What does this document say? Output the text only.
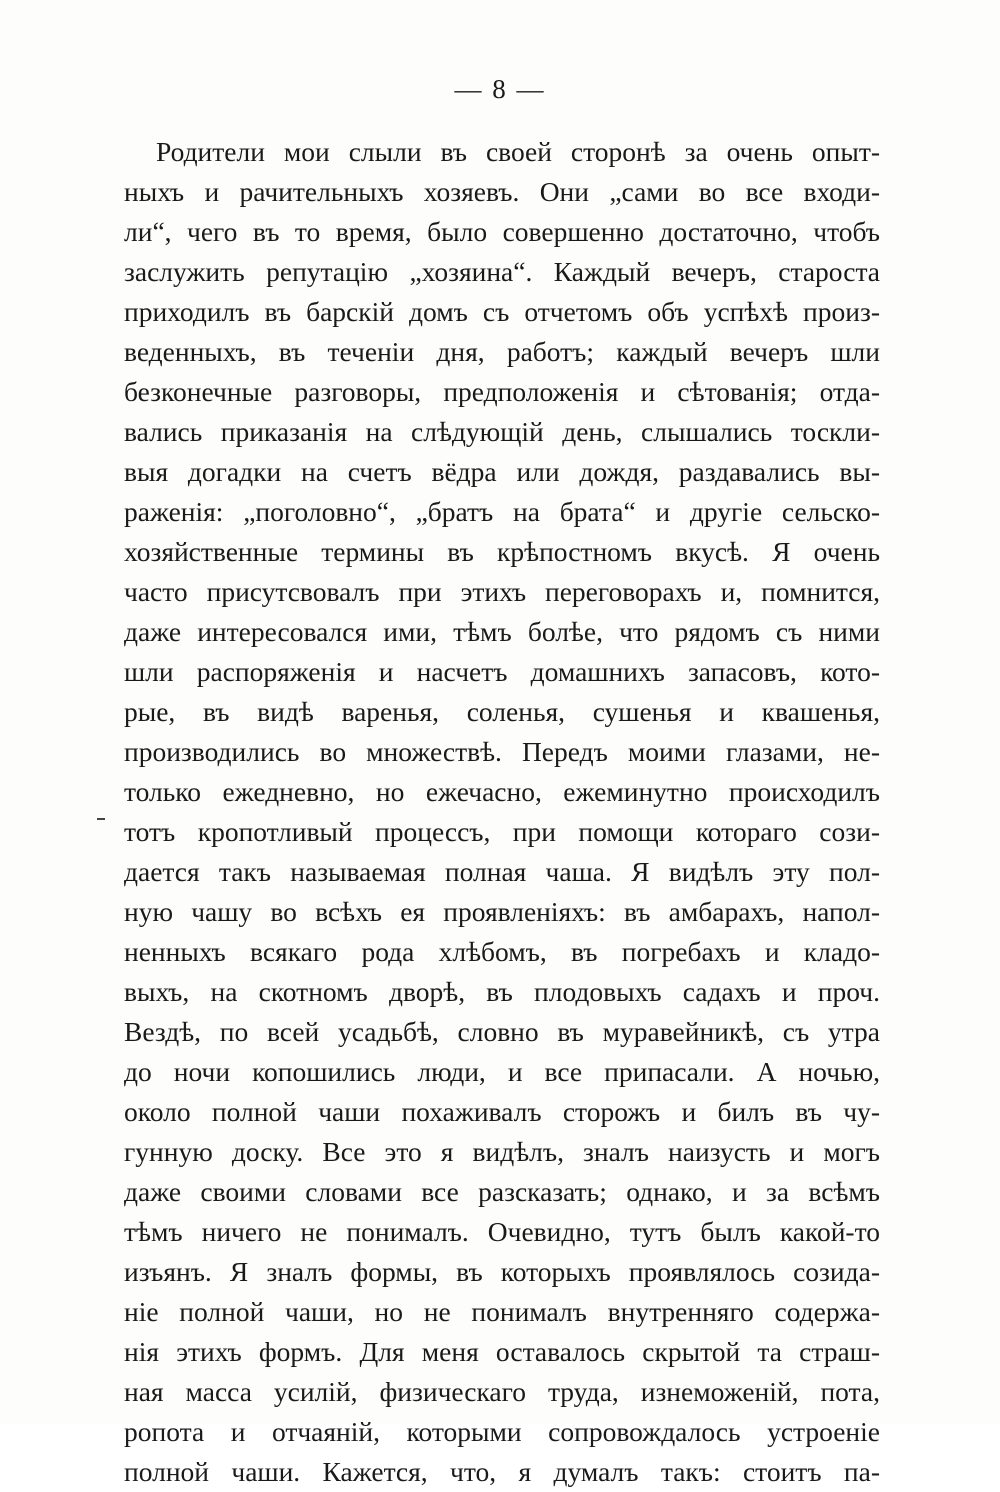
— 8 —
Родители мои слыли въ своей сторонѣ за очень опыт-
ныхъ и рачительныхъ хозяевъ. Они „сами во все входи-
ли“, чего въ то время, было совершенно достаточно, чтобъ
заслужить репутацію „хозяина“. Каждый вечеръ, староста
приходилъ въ барскій домъ съ отчетомъ объ успѣхѣ произ-
веденныхъ, въ теченіи дня, работъ; каждый вечеръ шли
безконечные разговоры, предположенія и сѣтованія; отда-
вались приказанія на слѣдующій день, слышались тоскли-
выя догадки на счетъ вёдра или дождя, раздавались вы-
раженія: „поголовно“, „братъ на брата“ и другіе сельско-
хозяйственные термины въ крѣпостномъ вкусѣ. Я очень
часто присутсвовалъ при этихъ переговорахъ и, помнится,
даже интересовался ими, тѣмъ болѣе, что рядомъ съ ними
шли распоряженія и насчетъ домашнихъ запасовъ, кото-
рые, въ видѣ варенья, соленья, сушенья и квашенья,
производились во множествѣ. Передъ моими глазами, не-
только ежедневно, но ежечасно, ежеминутно происходилъ
тотъ кропотливый процессъ, при помощи котораго сози-
дается такъ называемая полная чаша. Я видѣлъ эту пол-
ную чашу во всѣхъ ея проявленіяхъ: въ амбарахъ, напол-
ненныхъ всякаго рода хлѣбомъ, въ погребахъ и кладо-
выхъ, на скотномъ дворѣ, въ плодовыхъ садахъ и проч.
Вездѣ, по всей усадьбѣ, словно въ муравейникѣ, съ утра
до ночи копошились люди, и все припасали. А ночью,
около полной чаши похаживалъ сторожъ и билъ въ чу-
гунную доску. Все это я видѣлъ, зналъ наизусть и могъ
даже своими словами все разсказать; однако, и за всѣмъ
тѣмъ ничего не понималъ. Очевидно, тутъ былъ какой-то
изъянъ. Я зналъ формы, въ которыхъ проявлялось созида-
ніе полной чаши, но не понималъ внутренняго содержа-
нія этихъ формъ. Для меня оставалось скрытой та страш-
ная масса усилій, физическаго труда, изнеможеній, пота,
ропота и отчаяній, которыми сопровождалось устроеніе
полной чаши. Кажется, что, я думалъ такъ: стоитъ па-
